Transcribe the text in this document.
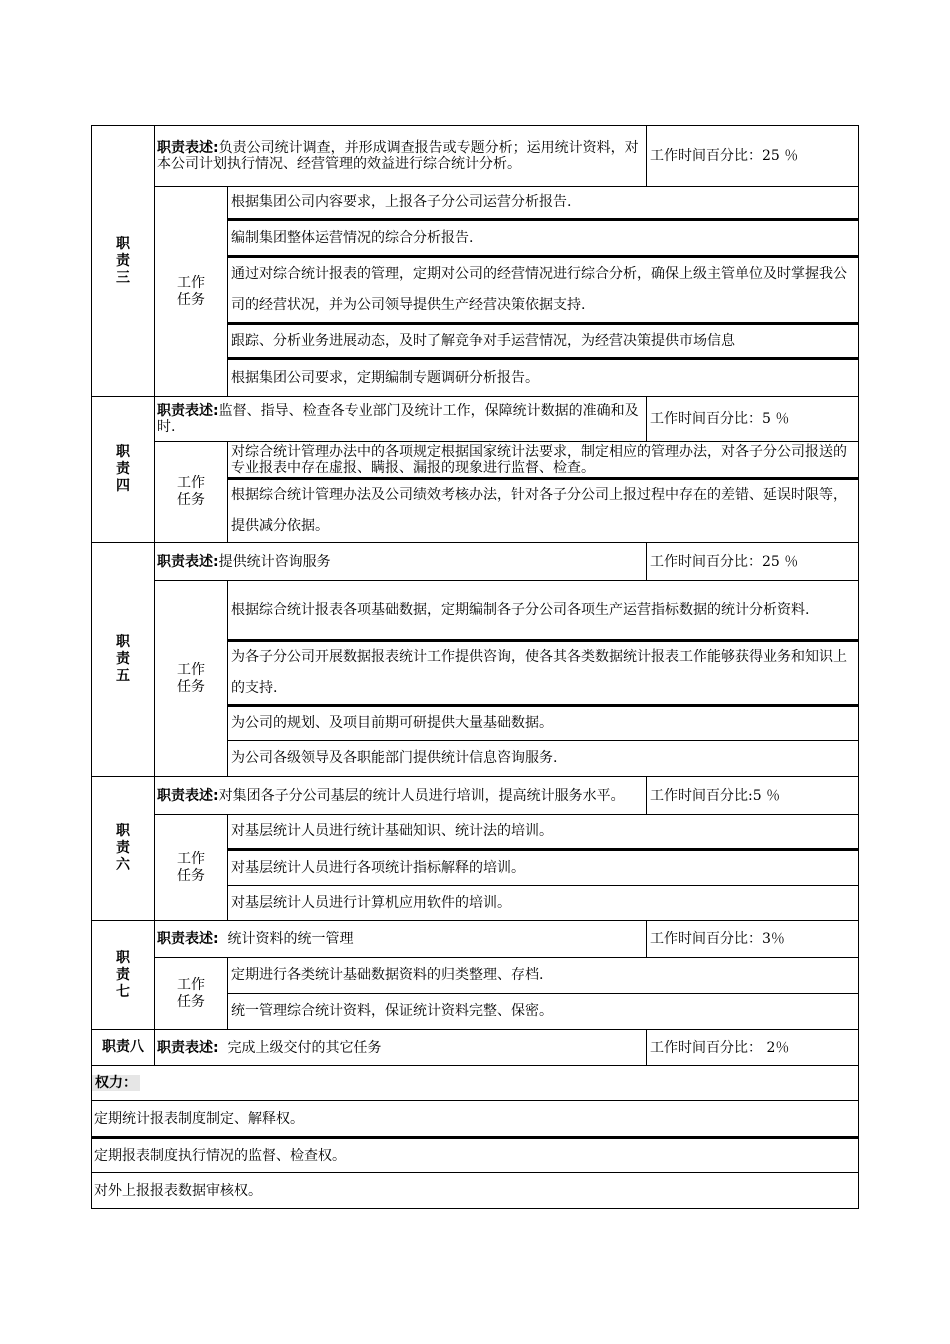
职
责
三	职责表述:负责公司统计调查，并形成调查报告或专题分析；运用统计资料，对本公司计划执行情况、经营管理的效益进行综合统计分析。		工作时间百分比：25 ％
	工作
任务	根据集团公司内容要求，上报各子分公司运营分析报告.	
		编制集团整体运营情况的综合分析报告.	
		通过对综合统计报表的管理，定期对公司的经营情况进行综合分析，确保上级主管单位及时掌握我公司的经营状况，并为公司领导提供生产经营决策依据支持.	
		跟踪、分析业务进展动态，及时了解竞争对手运营情况，为经营决策提供市场信息	
		根据集团公司要求，定期编制专题调研分析报告。	
职
责
四	职责表述:监督、指导、检查各专业部门及统计工作，保障统计数据的准确和及时.		工作时间百分比：5 ％
	工作
任务	对综合统计管理办法中的各项规定根据国家统计法要求，制定相应的管理办法，对各子分公司报送的专业报表中存在虚报、瞒报、漏报的现象进行监督、检查。	
		根据综合统计管理办法及公司绩效考核办法，针对各子分公司上报过程中存在的差错、延误时限等，提供减分依据。	
职
责
五	职责表述:提供统计咨询服务		工作时间百分比：25 ％
	工作
任务	根据综合统计报表各项基础数据，定期编制各子分公司各项生产运营指标数据的统计分析资料.	
		为各子分公司开展数据报表统计工作提供咨询，使各其各类数据统计报表工作能够获得业务和知识上的支持.	
		为公司的规划、及项目前期可研提供大量基础数据。	
		为公司各级领导及各职能部门提供统计信息咨询服务.	
职
责
六	职责表述:对集团各子分公司基层的统计人员进行培训，提高统计服务水平。		工作时间百分比:5 ％
	工作
任务	对基层统计人员进行统计基础知识、统计法的培训。	
		对基层统计人员进行各项统计指标解释的培训。	
		对基层统计人员进行计算机应用软件的培训。	
职
责
七	职责表述: 统计资料的统一管理		工作时间百分比：3％
	工作
任务	定期进行各类统计基础数据资料的归类整理、存档.	
		统一管理综合统计资料，保证统计资料完整、保密。	
职责八	职责表述: 完成上级交付的其它任务		工作时间百分比： 2％
权力：			
定期统计报表制度制定、解释权。			
定期报表制度执行情况的监督、检查权。			
对外上报报表数据审核权。			
